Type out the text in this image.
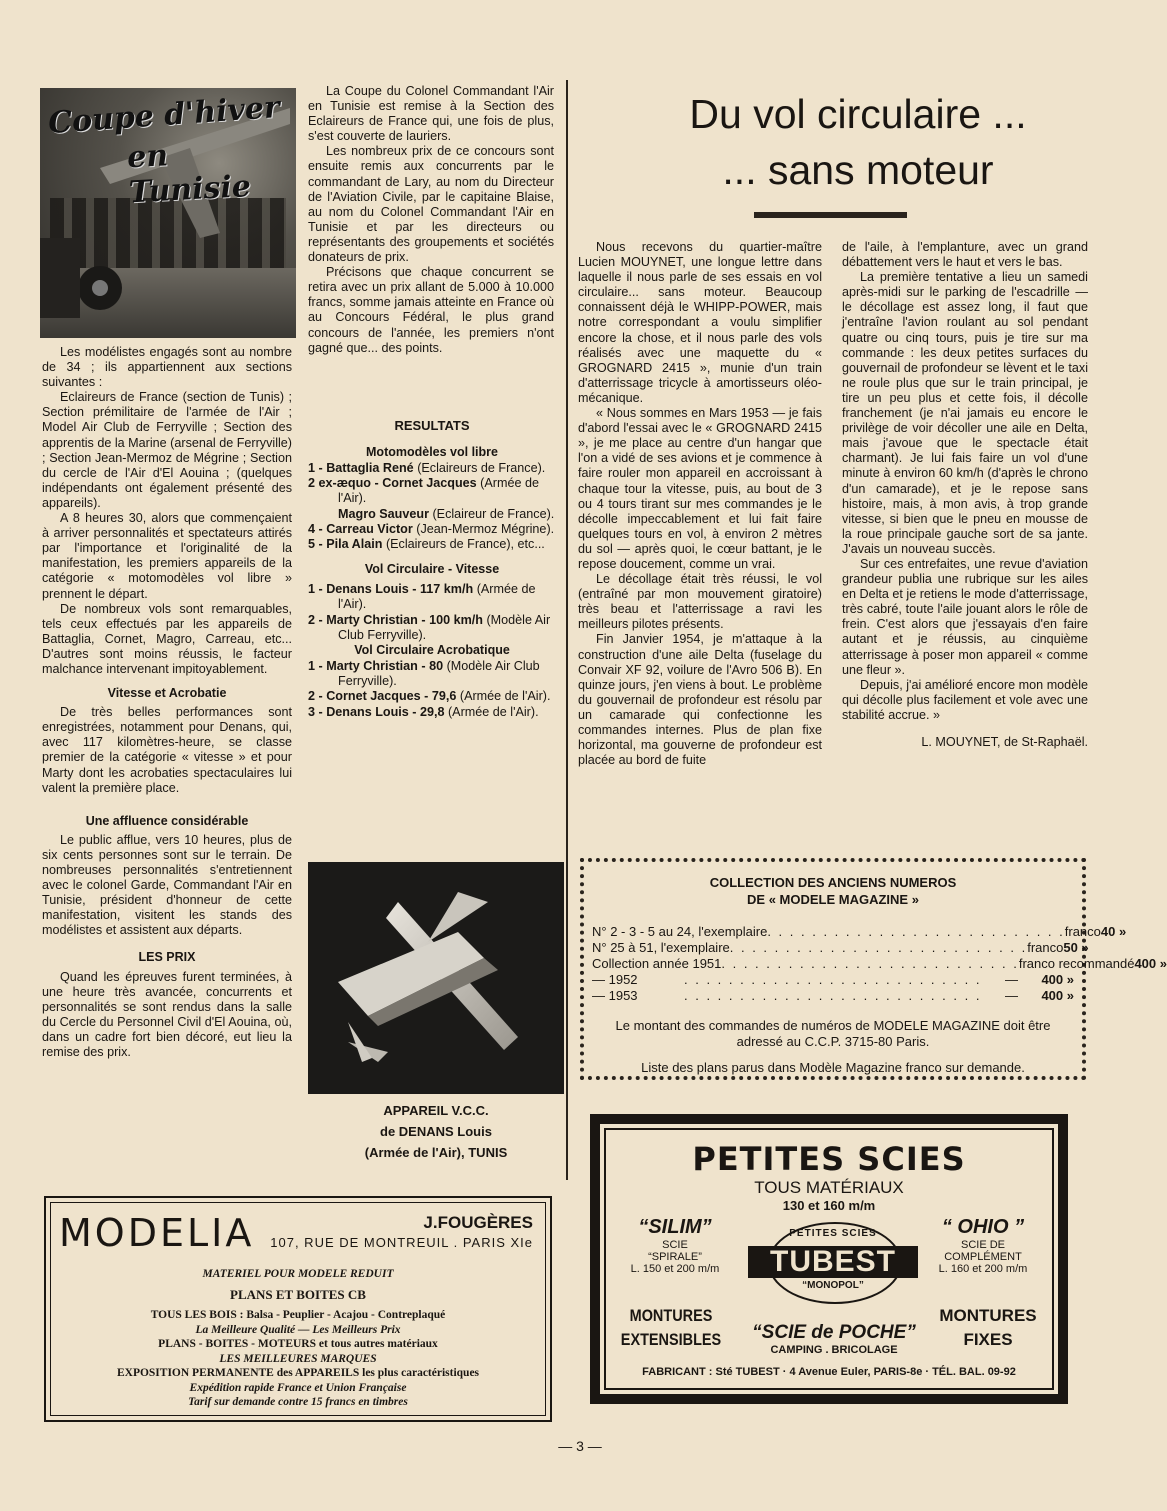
Coupe d'hiver
en Tunisie

La Coupe du Colonel Commandant l'Air en Tunisie est remise à la Section des Eclaireurs de France qui, une fois de plus, s'est couverte de lauriers.

Les nombreux prix de ce concours sont ensuite remis aux concurrents par le commandant de Lary, au nom du Directeur de l'Aviation Civile, par le capitaine Blaise, au nom du Colonel Commandant l'Air en Tunisie et par les directeurs ou représentants des groupements et sociétés donateurs de prix.

Précisons que chaque concurrent se retira avec un prix allant de 5.000 à 10.000 francs, somme jamais atteinte en France où au Concours Fédéral, le plus grand concours de l'année, les premiers n'ont gagné que... des points.

Les modélistes engagés sont au nombre de 34 ; ils appartiennent aux sections suivantes :

Eclaireurs de France (section de Tunis) ; Section prémilitaire de l'armée de l'Air ; Model Air Club de Ferryville ; Section des apprentis de la Marine (arsenal de Ferryville) ; Section Jean-Mermoz de Mégrine ; Section du cercle de l'Air d'El Aouina ; (quelques indépendants ont également présenté des appareils).

A 8 heures 30, alors que commençaient à arriver personnalités et spectateurs attirés par l'importance et l'originalité de la manifestation, les premiers appareils de la catégorie « motomodèles vol libre » prennent le départ.

De nombreux vols sont remarquables, tels ceux effectués par les appareils de Battaglia, Cornet, Magro, Carreau, etc... D'autres sont moins réussis, le facteur malchance intervenant impitoyablement.

Vitesse et Acrobatie

De très belles performances sont enregistrées, notamment pour Denans, qui, avec 117 kilomètres-heure, se classe premier de la catégorie « vitesse » et pour Marty dont les acrobaties spectaculaires lui valent la première place.

Une affluence considérable

Le public afflue, vers 10 heures, plus de six cents personnes sont sur le terrain. De nombreuses personnalités s'entretiennent avec le colonel Garde, Commandant l'Air en Tunisie, président d'honneur de cette manifestation, visitent les stands des modélistes et assistent aux départs.

LES PRIX

Quand les épreuves furent terminées, à une heure très avancée, concurrents et personnalités se sont rendus dans la salle du Cercle du Personnel Civil d'El Aouina, où, dans un cadre fort bien décoré, eut lieu la remise des prix.

RESULTATS
Motomodèles vol libre
1 - Battaglia René (Eclaireurs de France).
2 ex-æquo - Cornet Jacques (Armée de l'Air).
Magro Sauveur (Eclaireur de France).
4 - Carreau Victor (Jean-Mermoz Mégrine).
5 - Pila Alain (Eclaireurs de France), etc...
Vol Circulaire - Vitesse
1 - Denans Louis - 117 km/h (Armée de l'Air).
2 - Marty Christian - 100 km/h (Modèle Air Club Ferryville).
Vol Circulaire Acrobatique
1 - Marty Christian - 80 (Modèle Air Club Ferryville).
2 - Cornet Jacques - 79,6 (Armée de l'Air).
3 - Denans Louis - 29,8 (Armée de l'Air).
APPAREIL V.C.C.
de DENANS Louis
(Armée de l'Air), TUNIS
Du vol circulaire ...
... sans moteur

Nous recevons du quartier-maître Lucien MOUYNET, une longue lettre dans laquelle il nous parle de ses essais en vol circulaire... sans moteur. Beaucoup connaissent déjà le WHIPP-POWER, mais notre correspondant a voulu simplifier encore la chose, et il nous parle des vols réalisés avec une maquette du « GROGNARD 2415 », munie d'un train d'atterrissage tricycle à amortisseurs oléo-mécanique.

« Nous sommes en Mars 1953 — je fais d'abord l'essai avec le « GROGNARD 2415 », je me place au centre d'un hangar que l'on a vidé de ses avions et je commence à faire rouler mon appareil en accroissant à chaque tour la vitesse, puis, au bout de 3 ou 4 tours tirant sur mes commandes je le décolle impeccablement et lui fait faire quelques tours en vol, à environ 2 mètres du sol — après quoi, le cœur battant, je le repose doucement, comme un vrai.

Le décollage était très réussi, le vol (entraîné par mon mouvement giratoire) très beau et l'atterrissage a ravi les meilleurs pilotes présents.

Fin Janvier 1954, je m'attaque à la construction d'une aile Delta (fuselage du Convair XF 92, voilure de l'Avro 506 B). En quinze jours, j'en viens à bout. Le problème du gouvernail de profondeur est résolu par un camarade qui confectionne les commandes internes. Plus de plan fixe horizontal, ma gouverne de profondeur est placée au bord de fuite

de l'aile, à l'emplanture, avec un grand débattement vers le haut et vers le bas.

La première tentative a lieu un samedi après-midi sur le parking de l'escadrille — le décollage est assez long, il faut que j'entraîne l'avion roulant au sol pendant quatre ou cinq tours, puis je tire sur ma commande : les deux petites surfaces du gouvernail de profondeur se lèvent et le taxi ne roule plus que sur le train principal, je tire un peu plus et cette fois, il décolle franchement (je n'ai jamais eu encore le privilège de voir décoller une aile en Delta, mais j'avoue que le spectacle était charmant). Je lui fais faire un vol d'une minute à environ 60 km/h (d'après le chrono d'un camarade), et je le repose sans histoire, mais, à mon avis, à trop grande vitesse, si bien que le pneu en mousse de la roue principale gauche sort de sa jante. J'avais un nouveau succès.

Sur ces entrefaites, une revue d'aviation grandeur publia une rubrique sur les ailes en Delta et je retiens le mode d'atterrissage, très cabré, toute l'aile jouant alors le rôle de frein. C'est alors que j'essayais d'en faire autant et je réussis, au cinquième atterrissage à poser mon appareil « comme une fleur ».

Depuis, j'ai amélioré encore mon modèle qui décolle plus facilement et vole avec une stabilité accrue. »

L. MOUYNET, de St-Raphaël.
COLLECTION DES ANCIENS NUMEROS
DE « MODELE MAGAZINE »
N° 2 - 3 - 5 au 24, l'exemplaire . . . . . . . . . . . . . . . . . . . . . . . . . . . franco 40 »
N° 25 à 51, l'exemplaire . . . . . . . . . . . . . . . . . . . . . . . . . . . franco 50 »
Collection année 1951 . . . . . . . . . . . . . . . . . . . . . . . . . . . franco recommandé 400 »
— 1952	. . . . . . . . . . . . . . . . . . . . . . . . . . .	—	400 »
— 1953	. . . . . . . . . . . . . . . . . . . . . . . . . . .	—	400 »
Le montant des commandes de numéros de MODELE MAGAZINE doit être adressé au C.C.P. 3715-80 Paris.
Liste des plans parus dans Modèle Magazine franco sur demande.
PETITES SCIES
TOUS MATÉRIAUX
130 et 160 m/m
“SILIM”
SCIE
“SPIRALE”
L. 150 et 200 m/m
“ OHIO ”
SCIE DE
COMPLÉMENT
L. 160 et 200 m/m
PETITES SCIES
TUBEST
“MONOPOL”
MONTURES
EXTENSIBLES
MONTURES
FIXES
“SCIE de POCHE”
CAMPING . BRICOLAGE
FABRICANT : Sté TUBEST · 4 Avenue Euler, PARIS-8e · TÉL. BAL. 09-92
MODELIA	J.FOUGÈRES
107, RUE DE MONTREUIL . PARIS XIe
MATERIEL POUR MODELE REDUIT
PLANS ET BOITES CB
TOUS LES BOIS : Balsa - Peuplier - Acajou - Contreplaqué
La Meilleure Qualité — Les Meilleurs Prix
PLANS - BOITES - MOTEURS et tous autres matériaux
LES MEILLEURES MARQUES
EXPOSITION PERMANENTE des APPAREILS les plus caractéristiques
Expédition rapide France et Union Française
Tarif sur demande contre 15 francs en timbres
— 3 —
